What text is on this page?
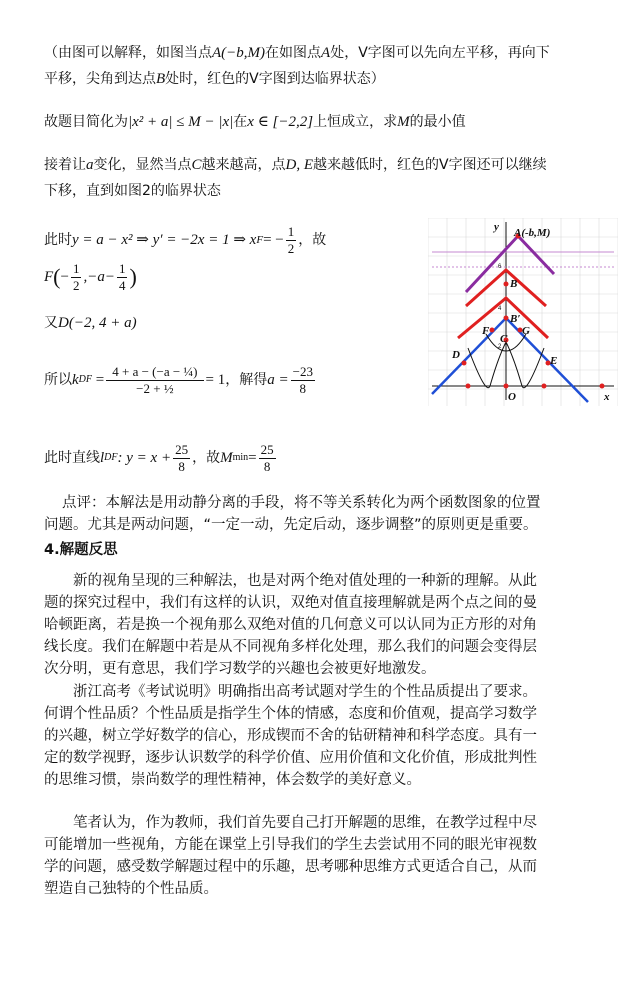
（由图可以解释，如图当点A(−b,M)在如图点A处，V字图可以先向左平移，再向下
平移，尖角到达点B处时，红色的V字图到达临界状态）
故题目简化为|x² + a| ≤ M − |x|在x ∈ [−2,2]上恒成立，求M的最小值
接着让a变化，显然当点C越来越高，点D, E越来越低时，红色的V字图还可以继续
下移，直到如图2的临界状态
此时 y = a − x² ⇒ y′ = −2x = 1 ⇒ x F = − $\frac{1}{2}$ ，故
F ( − $\frac{1}{2} ,-a- \frac{1}{4}$ )
又D(−2, 4 + a)
所以 k DF = $\frac{\text{4 + a − (−a − ¼)}}{\text{−2 + ½}} = 1$ ，解得 $a = \frac{-23}{8}$
此时直线 l DF : $y = x + \frac{25}{8}$ ，故 M $\min = \frac{25}{8}$
点评：本解法是用动静分离的手段，将不等关系转化为两个函数图象的位置
问题。尤其是两动问题，“一定一动，先定后动，逐步调整”的原则更是重要。
4.解题反思
新的视角呈现的三种解法，也是对两个绝对值处理的一种新的理解。从此
题的探究过程中，我们有这样的认识，双绝对值直接理解就是两个点之间的曼
哈顿距离，若是换一个视角那么双绝对值的几何意义可以认同为正方形的对角
线长度。我们在解题中若是从不同视角多样化处理，那么我们的问题会变得层
次分明，更有意思，我们学习数学的兴趣也会被更好地激发。
浙江高考《考试说明》明确指出高考试题对学生的个性品质提出了要求。
何谓个性品质？个性品质是指学生个体的情感，态度和价值观，提高学习数学
的兴趣，树立学好数学的信心，形成锲而不舍的钻研精神和科学态度。具有一
定的数学视野，逐步认识数学的科学价值、应用价值和文化价值，形成批判性
的思维习惯，崇尚数学的理性精神，体会数学的美好意义。
笔者认为，作为教师，我们首先要自己打开解题的思维，在教学过程中尽
可能增加一些视角，方能在课堂上引导我们的学生去尝试用不同的眼光审视数
学的问题，感受数学解题过程中的乐趣，思考哪种思维方式更适合自己，从而
塑造自己独特的个性品质。
y
x
O
A(-b,M)
B
B′
C
D	E
F	G
6
4
2
